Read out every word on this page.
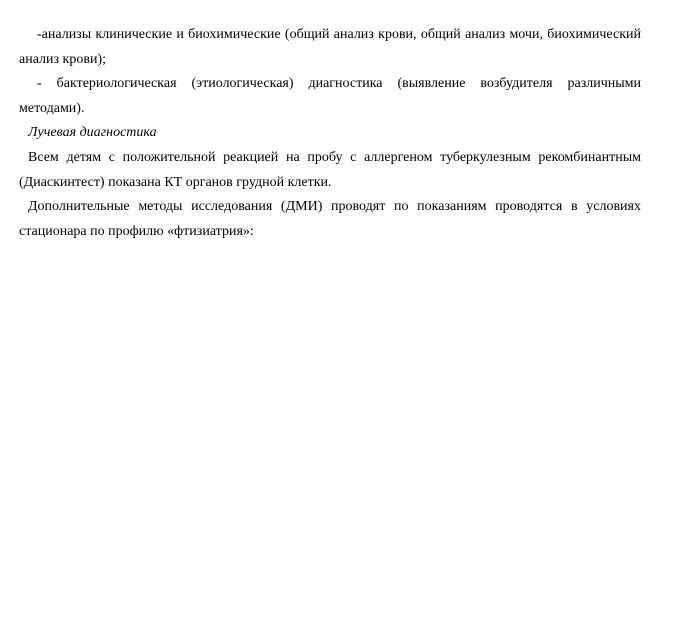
-анализы клинические и биохимические (общий анализ крови, общий анализ мочи, биохимический анализ крови);

- бактериологическая (этиологическая) диагностика (выявление возбудителя различными методами).

Лучевая диагностика

Всем детям с положительной реакцией на пробу с аллергеном туберкулезным рекомбинантным (Диаскинтест) показана КТ органов грудной клетки.

Дополнительные методы исследования (ДМИ) проводят по показаниям проводятся в условиях стационара по профилю «фтизиатрия»:
